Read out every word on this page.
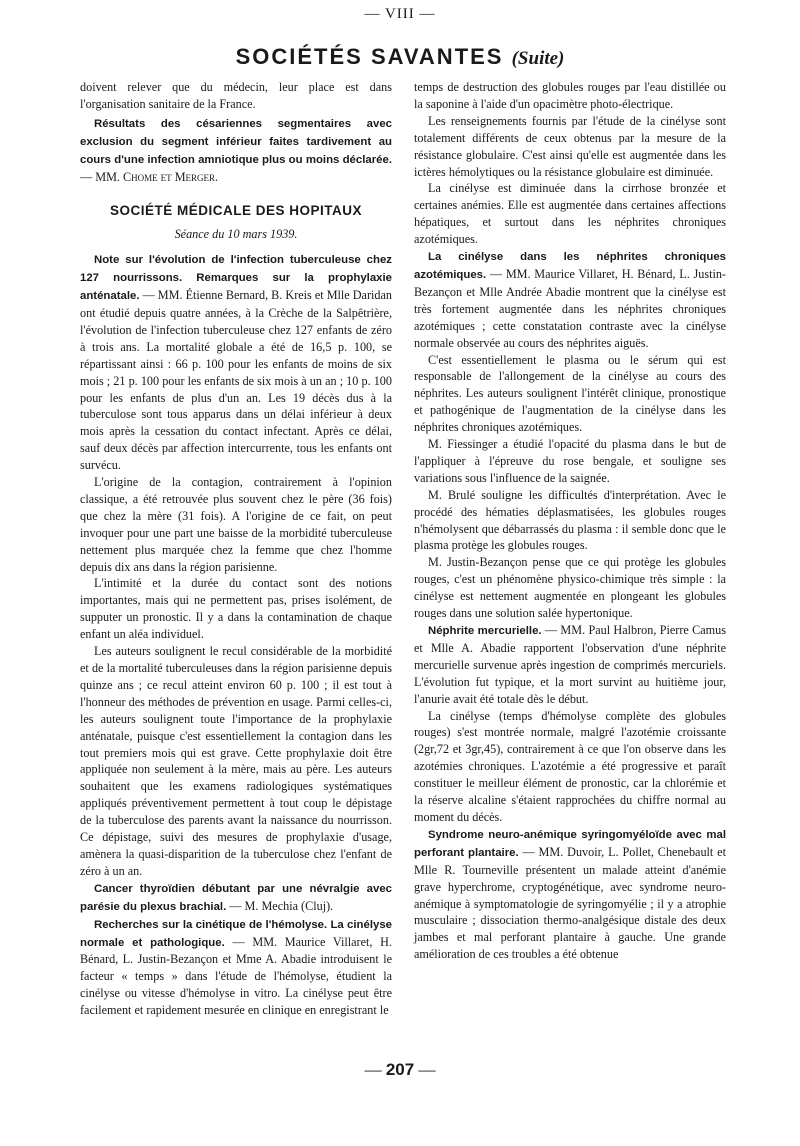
— VIII —
SOCIÉTÉS SAVANTES (Suite)

doivent relever que du médecin, leur place est dans l'organisation sanitaire de la France.

Résultats des césariennes segmentaires avec exclusion du segment inférieur faites tardivement au cours d'une infection amniotique plus ou moins déclarée. — MM. Chome et Merger.

SOCIÉTÉ MÉDICALE DES HOPITAUX
Séance du 10 mars 1939.

Note sur l'évolution de l'infection tuberculeuse chez 127 nourrissons. Remarques sur la prophylaxie anténatale. — MM. Étienne Bernard, B. Kreis et Mlle Daridan ont étudié depuis quatre années, à la Crèche de la Salpêtrière, l'évolution de l'infection tuberculeuse chez 127 enfants de zéro à trois ans. La mortalité globale a été de 16,5 p. 100, se répartissant ainsi : 66 p. 100 pour les enfants de moins de six mois ; 21 p. 100 pour les enfants de six mois à un an ; 10 p. 100 pour les enfants de plus d'un an. Les 19 décès dus à la tuberculose sont tous apparus dans un délai inférieur à deux mois après la cessation du contact infectant. Après ce délai, sauf deux décès par affection intercurrente, tous les enfants ont survécu.

L'origine de la contagion, contrairement à l'opinion classique, a été retrouvée plus souvent chez le père (36 fois) que chez la mère (31 fois). A l'origine de ce fait, on peut invoquer pour une part une baisse de la morbidité tuberculeuse nettement plus marquée chez la femme que chez l'homme depuis dix ans dans la région parisienne.

L'intimité et la durée du contact sont des notions importantes, mais qui ne permettent pas, prises isolément, de supputer un pronostic. Il y a dans la contamination de chaque enfant un aléa individuel.

Les auteurs soulignent le recul considérable de la morbidité et de la mortalité tuberculeuses dans la région parisienne depuis quinze ans ; ce recul atteint environ 60 p. 100 ; il est tout à l'honneur des méthodes de prévention en usage. Parmi celles-ci, les auteurs soulignent toute l'importance de la prophylaxie anténatale, puisque c'est essentiellement la contagion dans les tout premiers mois qui est grave. Cette prophylaxie doit être appliquée non seulement à la mère, mais au père. Les auteurs souhaitent que les examens radiologiques systématiques appliqués préventivement permettent à tout coup le dépistage de la tuberculose des parents avant la naissance du nourrisson. Ce dépistage, suivi des mesures de prophylaxie d'usage, amènera la quasi-disparition de la tuberculose chez l'enfant de zéro à un an.

Cancer thyroïdien débutant par une névralgie avec parésie du plexus brachial. — M. Mechia (Cluj).

Recherches sur la cinétique de l'hémolyse. La cinélyse normale et pathologique. — MM. Maurice Villaret, H. Bénard, L. Justin-Bezançon et Mme A. Abadie introduisent le facteur « temps » dans l'étude de l'hémolyse, étudient la cinélyse ou vitesse d'hémolyse in vitro. La cinélyse peut être facilement et rapidement mesurée en clinique en enregistrant le

temps de destruction des globules rouges par l'eau distillée ou la saponine à l'aide d'un opacimètre photo-électrique.

Les renseignements fournis par l'étude de la cinélyse sont totalement différents de ceux obtenus par la mesure de la résistance globulaire. C'est ainsi qu'elle est augmentée dans les ictères hémolytiques ou la résistance globulaire est diminuée.

La cinélyse est diminuée dans la cirrhose bronzée et certaines anémies. Elle est augmentée dans certaines affections hépatiques, et surtout dans les néphrites chroniques azotémiques.

La cinélyse dans les néphrites chroniques azotémiques. — MM. Maurice Villaret, H. Bénard, L. Justin-Bezançon et Mlle Andrée Abadie montrent que la cinélyse est très fortement augmentée dans les néphrites chroniques azotémiques ; cette constatation contraste avec la cinélyse normale observée au cours des néphrites aiguës.

C'est essentiellement le plasma ou le sérum qui est responsable de l'allongement de la cinélyse au cours des néphrites. Les auteurs soulignent l'intérêt clinique, pronostique et pathogénique de l'augmentation de la cinélyse dans les néphrites chroniques azotémiques.

M. Fiessinger a étudié l'opacité du plasma dans le but de l'appliquer à l'épreuve du rose bengale, et souligne ses variations sous l'influence de la saignée.

M. Brulé souligne les difficultés d'interprétation. Avec le procédé des hématies déplasmatisées, les globules rouges n'hémolysent que débarrassés du plasma : il semble donc que le plasma protège les globules rouges.

M. Justin-Bezançon pense que ce qui protège les globules rouges, c'est un phénomène physico-chimique très simple : la cinélyse est nettement augmentée en plongeant les globules rouges dans une solution salée hypertonique.

Néphrite mercurielle. — MM. Paul Halbron, Pierre Camus et Mlle A. Abadie rapportent l'observation d'une néphrite mercurielle survenue après ingestion de comprimés mercuriels. L'évolution fut typique, et la mort survint au huitième jour, l'anurie avait été totale dès le début.

La cinélyse (temps d'hémolyse complète des globules rouges) s'est montrée normale, malgré l'azotémie croissante (2gr,72 et 3gr,45), contrairement à ce que l'on observe dans les azotémies chroniques. L'azotémie a été progressive et paraît constituer le meilleur élément de pronostic, car la chlorémie et la réserve alcaline s'étaient rapprochées du chiffre normal au moment du décès.

Syndrome neuro-anémique syringomyéloïde avec mal perforant plantaire. — MM. Duvoir, L. Pollet, Chenebault et Mlle R. Tourneville présentent un malade atteint d'anémie grave hyperchrome, cryptogénétique, avec syndrome neuro-anémique à symptomatologie de syringomyélie ; il y a atrophie musculaire ; dissociation thermo-analgésique distale des deux jambes et mal perforant plantaire à gauche. Une grande amélioration de ces troubles a été obtenue

— 207 —
